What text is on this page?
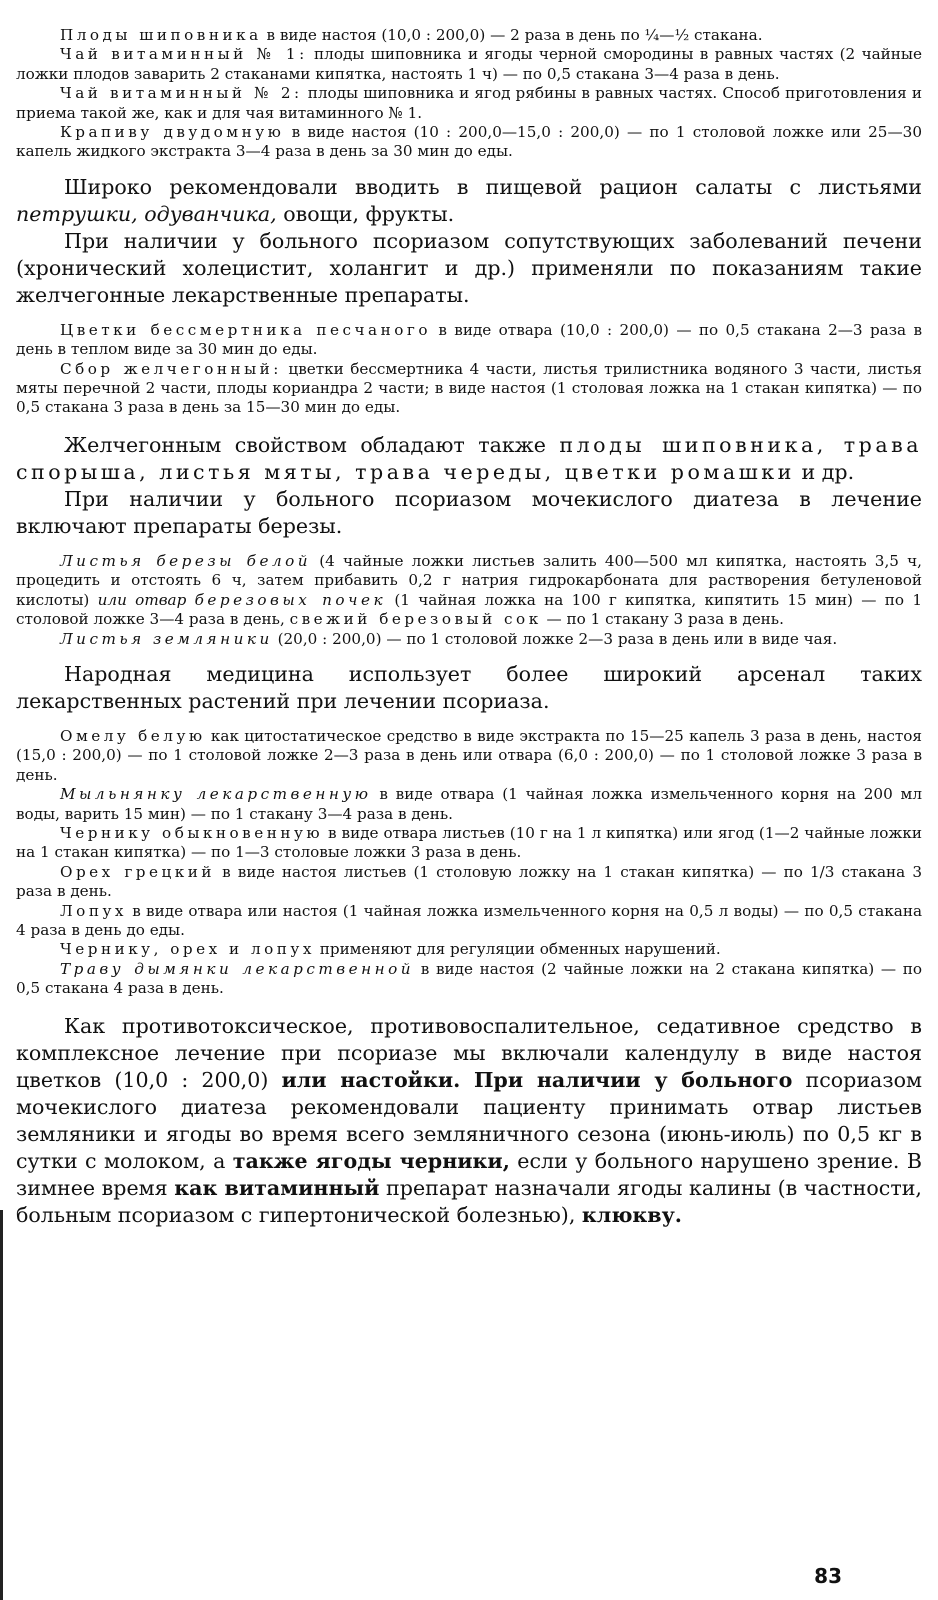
Плоды шиповника в виде настоя (10,0 : 200,0) — 2 раза в день по ¼—½ стакана.

Чай витаминный № 1: плоды шиповника и ягоды черной смородины в равных частях (2 чайные ложки плодов заварить 2 стаканами кипятка, настоять 1 ч) — по 0,5 стакана 3—4 раза в день.

Чай витаминный № 2: плоды шиповника и ягод рябины в равных частях. Способ приготовления и приема такой же, как и для чая витаминного № 1.

Крапиву двудомную в виде настоя (10 : 200,0—15,0 : 200,0) — по 1 столовой ложке или 25—30 капель жидкого экстракта 3—4 раза в день за 30 мин до еды.

Широко рекомендовали вводить в пищевой рацион салаты с листьями петрушки, одуванчика, овощи, фрукты.

При наличии у больного псориазом сопутствующих заболеваний печени (хронический холецистит, холангит и др.) применяли по показаниям такие желчегонные лекарственные препараты.

Цветки бессмертника песчаного в виде отвара (10,0 : 200,0) — по 0,5 стакана 2—3 раза в день в теплом виде за 30 мин до еды.

Сбор желчегонный: цветки бессмертника 4 части, листья трилистника водяного 3 части, листья мяты перечной 2 части, плоды кориандра 2 части; в виде настоя (1 столовая ложка на 1 стакан кипятка) — по 0,5 стакана 3 раза в день за 15—30 мин до еды.

Желчегонным свойством обладают также плоды шиповника, трава спорыша, листья мяты, трава череды, цветки ромашки и др.

При наличии у больного псориазом мочекислого диатеза в лечение включают препараты березы.

Листья березы белой (4 чайные ложки листьев залить 400—500 мл кипятка, настоять 3,5 ч, процедить и отстоять 6 ч, затем прибавить 0,2 г натрия гидрокарбоната для растворения бетуленовой кислоты) или отвар березовых почек (1 чайная ложка на 100 г кипятка, кипятить 15 мин) — по 1 столовой ложке 3—4 раза в день, свежий березовый сок — по 1 стакану 3 раза в день.

Листья земляники (20,0 : 200,0) — по 1 столовой ложке 2—3 раза в день или в виде чая.

Народная медицина использует более широкий арсенал таких лекарственных растений при лечении псориаза.

Омелу белую как цитостатическое средство в виде экстракта по 15—25 капель 3 раза в день, настоя (15,0 : 200,0) — по 1 столовой ложке 2—3 раза в день или отвара (6,0 : 200,0) — по 1 столовой ложке 3 раза в день.

Мыльнянку лекарственную в виде отвара (1 чайная ложка измельченного корня на 200 мл воды, варить 15 мин) — по 1 стакану 3—4 раза в день.

Чернику обыкновенную в виде отвара листьев (10 г на 1 л кипятка) или ягод (1—2 чайные ложки на 1 стакан кипятка) — по 1—3 столовые ложки 3 раза в день.

Орех грецкий в виде настоя листьев (1 столовую ложку на 1 стакан кипятка) — по 1/3 стакана 3 раза в день.

Лопух в виде отвара или настоя (1 чайная ложка измельченного корня на 0,5 л воды) — по 0,5 стакана 4 раза в день до еды.

Чернику, орех и лопух применяют для регуляции обменных нарушений.

Траву дымянки лекарственной в виде настоя (2 чайные ложки на 2 стакана кипятка) — по 0,5 стакана 4 раза в день.

Как противотоксическое, противовоспалительное, седативное средство в комплексное лечение при псориазе мы включали календулу в виде настоя цветков (10,0 : 200,0) или настойки. При наличии у больного псориазом мочекислого диатеза рекомендовали пациенту принимать отвар листьев земляники и ягоды во время всего земляничного сезона (июнь-июль) по 0,5 кг в сутки с молоком, а также ягоды черники, если у больного нарушено зрение. В зимнее время как витаминный препарат назначали ягоды калины (в частности, больным псориазом с гипертонической болезнью), клюкву.

83
